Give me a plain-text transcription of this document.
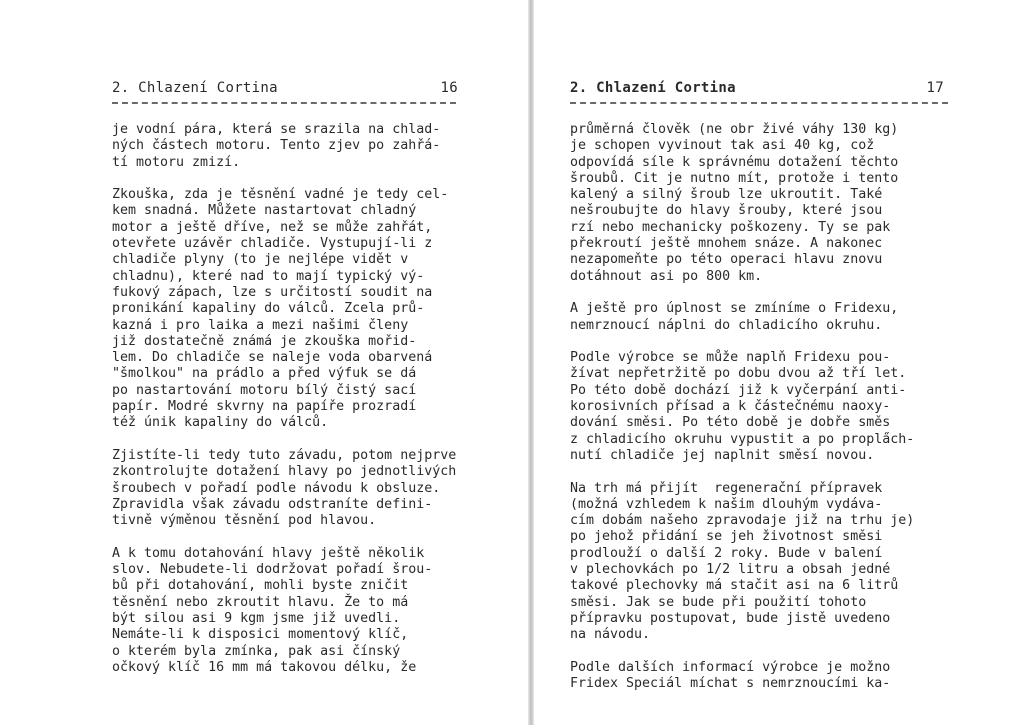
2. Chlazení Cortina	16
je vodní pára, která se srazila na chlad-
ných částech motoru. Tento zjev po zahřá-
tí motoru zmizí.
Zkouška, zda je těsnění vadné je tedy cel-
kem snadná. Můžete nastartovat chladný
motor a ještě dříve, než se může zahřát,
otevřete uzávěr chladiče. Vystupují-li z
chladiče plyny (to je nejlépe vidět v
chladnu), které nad to mají typický vý-
fukový zápach, lze s určitostí soudit na
pronikání kapaliny do válců. Zcela prů-
kazná i pro laika a mezi našimi členy
již dostatečně známá je zkouška mořid-
lem. Do chladiče se naleje voda obarvená
"šmolkou" na prádlo a před výfuk se dá
po nastartování motoru bílý čistý sací
papír. Modré skvrny na papíře prozradí
též únik kapaliny do válců.
Zjistíte-li tedy tuto závadu, potom nejprve
zkontrolujte dotažení hlavy po jednotlivých
šroubech v pořadí podle návodu k obsluze.
Zpravidla však závadu odstraníte defini-
tivně výměnou těsnění pod hlavou.
A k tomu dotahování hlavy ještě několik
slov. Nebudete-li dodržovat pořadí šrou-
bů při dotahování, mohli byste zničit
těsnění nebo zkroutit hlavu. Že to má
být silou asi 9 kgm jsme již uvedli.
Nemáte-li k disposici momentový klíč,
o kterém byla zmínka, pak asi čínský
očkový klíč 16 mm má takovou délku, že
2. Chlazení Cortina	17
průměrná člověk (ne obr živé váhy 130 kg)
je schopen vyvinout tak asi 40 kg, což
odpovídá síle k správnému dotažení těchto
šroubů. Cit je nutno mít, protože i tento
kalený a silný šroub lze ukroutit. Také
nešroubujte do hlavy šrouby, které jsou
rzí nebo mechanicky poškozeny. Ty se pak
překroutí ještě mnohem snáze. A nakonec
nezapomeňte po této operaci hlavu znovu
dotáhnout asi po 800 km.
A ještě pro úplnost se zmíníme o Fridexu,
nemrznoucí náplni do chladicího okruhu.
Podle výrobce se může naplň Fridexu pou-
žívat nepřetržitě po dobu dvou až tří let.
Po této době dochází již k vyčerpání anti-
korosivních přísad a k částečnému naoxy-
dování směsi. Po této době je dobře směs
z chladicího okruhu vypustit a po propla̋ch-
nutí chladiče jej naplnit směsí novou.
Na trh má přijít  regenerační přípravek
(možná vzhledem k našim dlouhým vydáva-
cím dobám našeho zpravodaje již na trhu je)
po jehož přidání se jeh životnost směsi
prodlouží o další 2 roky. Bude v balení
v plechovkách po 1/2 litru a obsah jedné
takové plechovky má stačit asi na 6 litrů
směsi. Jak se bude při použití tohoto
přípravku postupovat, bude jistě uvedeno
na návodu.
Podle dalších informací výrobce je možno
Fridex Speciál míchat s nemrznoucími ka-
